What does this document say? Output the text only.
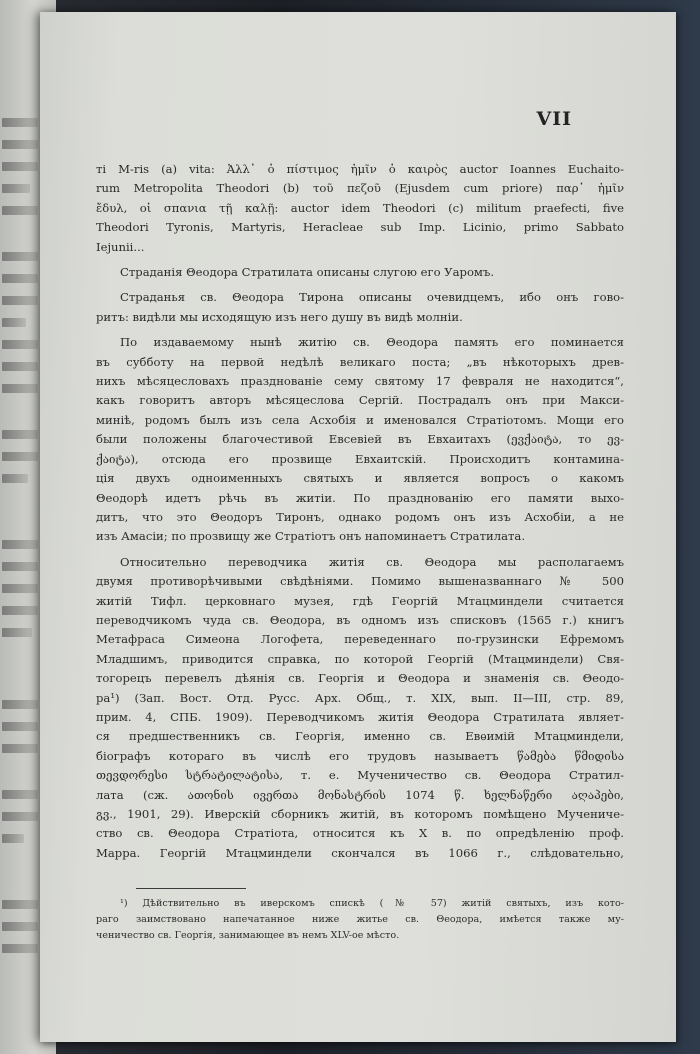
VII
ті M-ris (a) vita: Ἀλλ᾽ ὁ πίστιμος ἡμῖν ὁ καιρὸς auctor Ioannes Euchaito-
rum Metropolita Theodori (b) τοῦ πεζοῦ (Ejusdem cum priore) παρ᾽ ἡμῖν
ἔδυλ, οἱ σπανια τῇ καλῇ: auctor idem Theodori (c) militum praefecti, five
Theodori Tyronis, Martyris, Heracleae sub Imp. Licinio, primo Sabbato
Iejunii...
Страданія Θеодора Стратилата описаны слугою его Уаромъ.
Страданья св. Θеодора Тирона описаны очевидцемъ, ибо онъ гово-
ритъ: видѣли мы исходящую изъ него душу въ видѣ молніи.
По издаваемому нынѣ житію св. Θеодора память его поминается
въ субботу на первой недѣлѣ великаго поста; „въ нѣкоторыхъ древ-
нихъ мѣсяцесловахъ празднованіе сему святому 17 февраля не находится“,
какъ говоритъ авторъ мѣсяцеслова Сергій. Пострадалъ онъ при Макси-
миніѣ, родомъ былъ изъ села Асхобія и именовался Стратіотомъ. Мощи его
были положены благочестивой Евсевіей въ Евхаитахъ (ევქაიტა, то ევ-
ქაიტა), отсюда его прозвище Евхаитскій. Происходитъ контамина-
ція двухъ одноименныхъ святыхъ и является вопросъ о какомъ
Θеодорѣ идетъ рѣчь въ житіи. По празднованію его памяти выхо-
дитъ, что это Θеодоръ Тиронъ, однако родомъ онъ изъ Асхобіи, а не
изъ Амасіи; по прозвищу же Стратіотъ онъ напоминаетъ Стратилата.
Относительно переводчика житія св. Θеодора мы располагаемъ
двумя противорѣчивыми свѣдѣніями. Помимо вышеназваннаго № 500
житій Тифл. церковнаго музея, гдѣ Георгій Мтацминдели считается
переводчикомъ чуда св. Θеодора, въ одномъ изъ списковъ (1565 г.) книгъ
Метафраса Симеона Логофета, переведеннаго по-грузински Ефремомъ
Младшимъ, приводится справка, по которой Георгій (Мтацминдели) Свя-
тогорецъ перевелъ дѣянія св. Георгія и Θеодора и знаменія св. Θеодо-
ра¹) (Зап. Вост. Отд. Русс. Арх. Общ., т. XIX, вып. II—III, стр. 89,
прим. 4, СПБ. 1909). Переводчикомъ житія Θеодора Стратилата являет-
ся предшественникъ св. Георгія, именно св. Евѳимій Мтацминдели,
біографъ котораго въ числѣ его трудовъ называетъ წამება წმიდისა
თევდორესი სტრატილატისა, т. е. Мученичество св. Θеодора Стратил-
лата (сж. ათონის ივერთა მონასტრის 1074 წ. ხელნაწერი აღაპები,
გვ., 1901, 29). Иверскій сборникъ житій, въ которомъ помѣщено Мучениче-
ство св. Θеодора Стратіота, относится къ X в. по опредѣленію проф.
Марра. Георгій Мтацминдели скончался въ 1066 г., слѣдовательно,
¹) Дѣйствительно въ иверскомъ спискѣ (№ 57) житій святыхъ, изъ кото-
раго заимствовано напечатанное ниже житье св. Θеодора, имѣется также му-
ченичество св. Георгія, занимающее въ немъ XLV-ое мѣсто.
